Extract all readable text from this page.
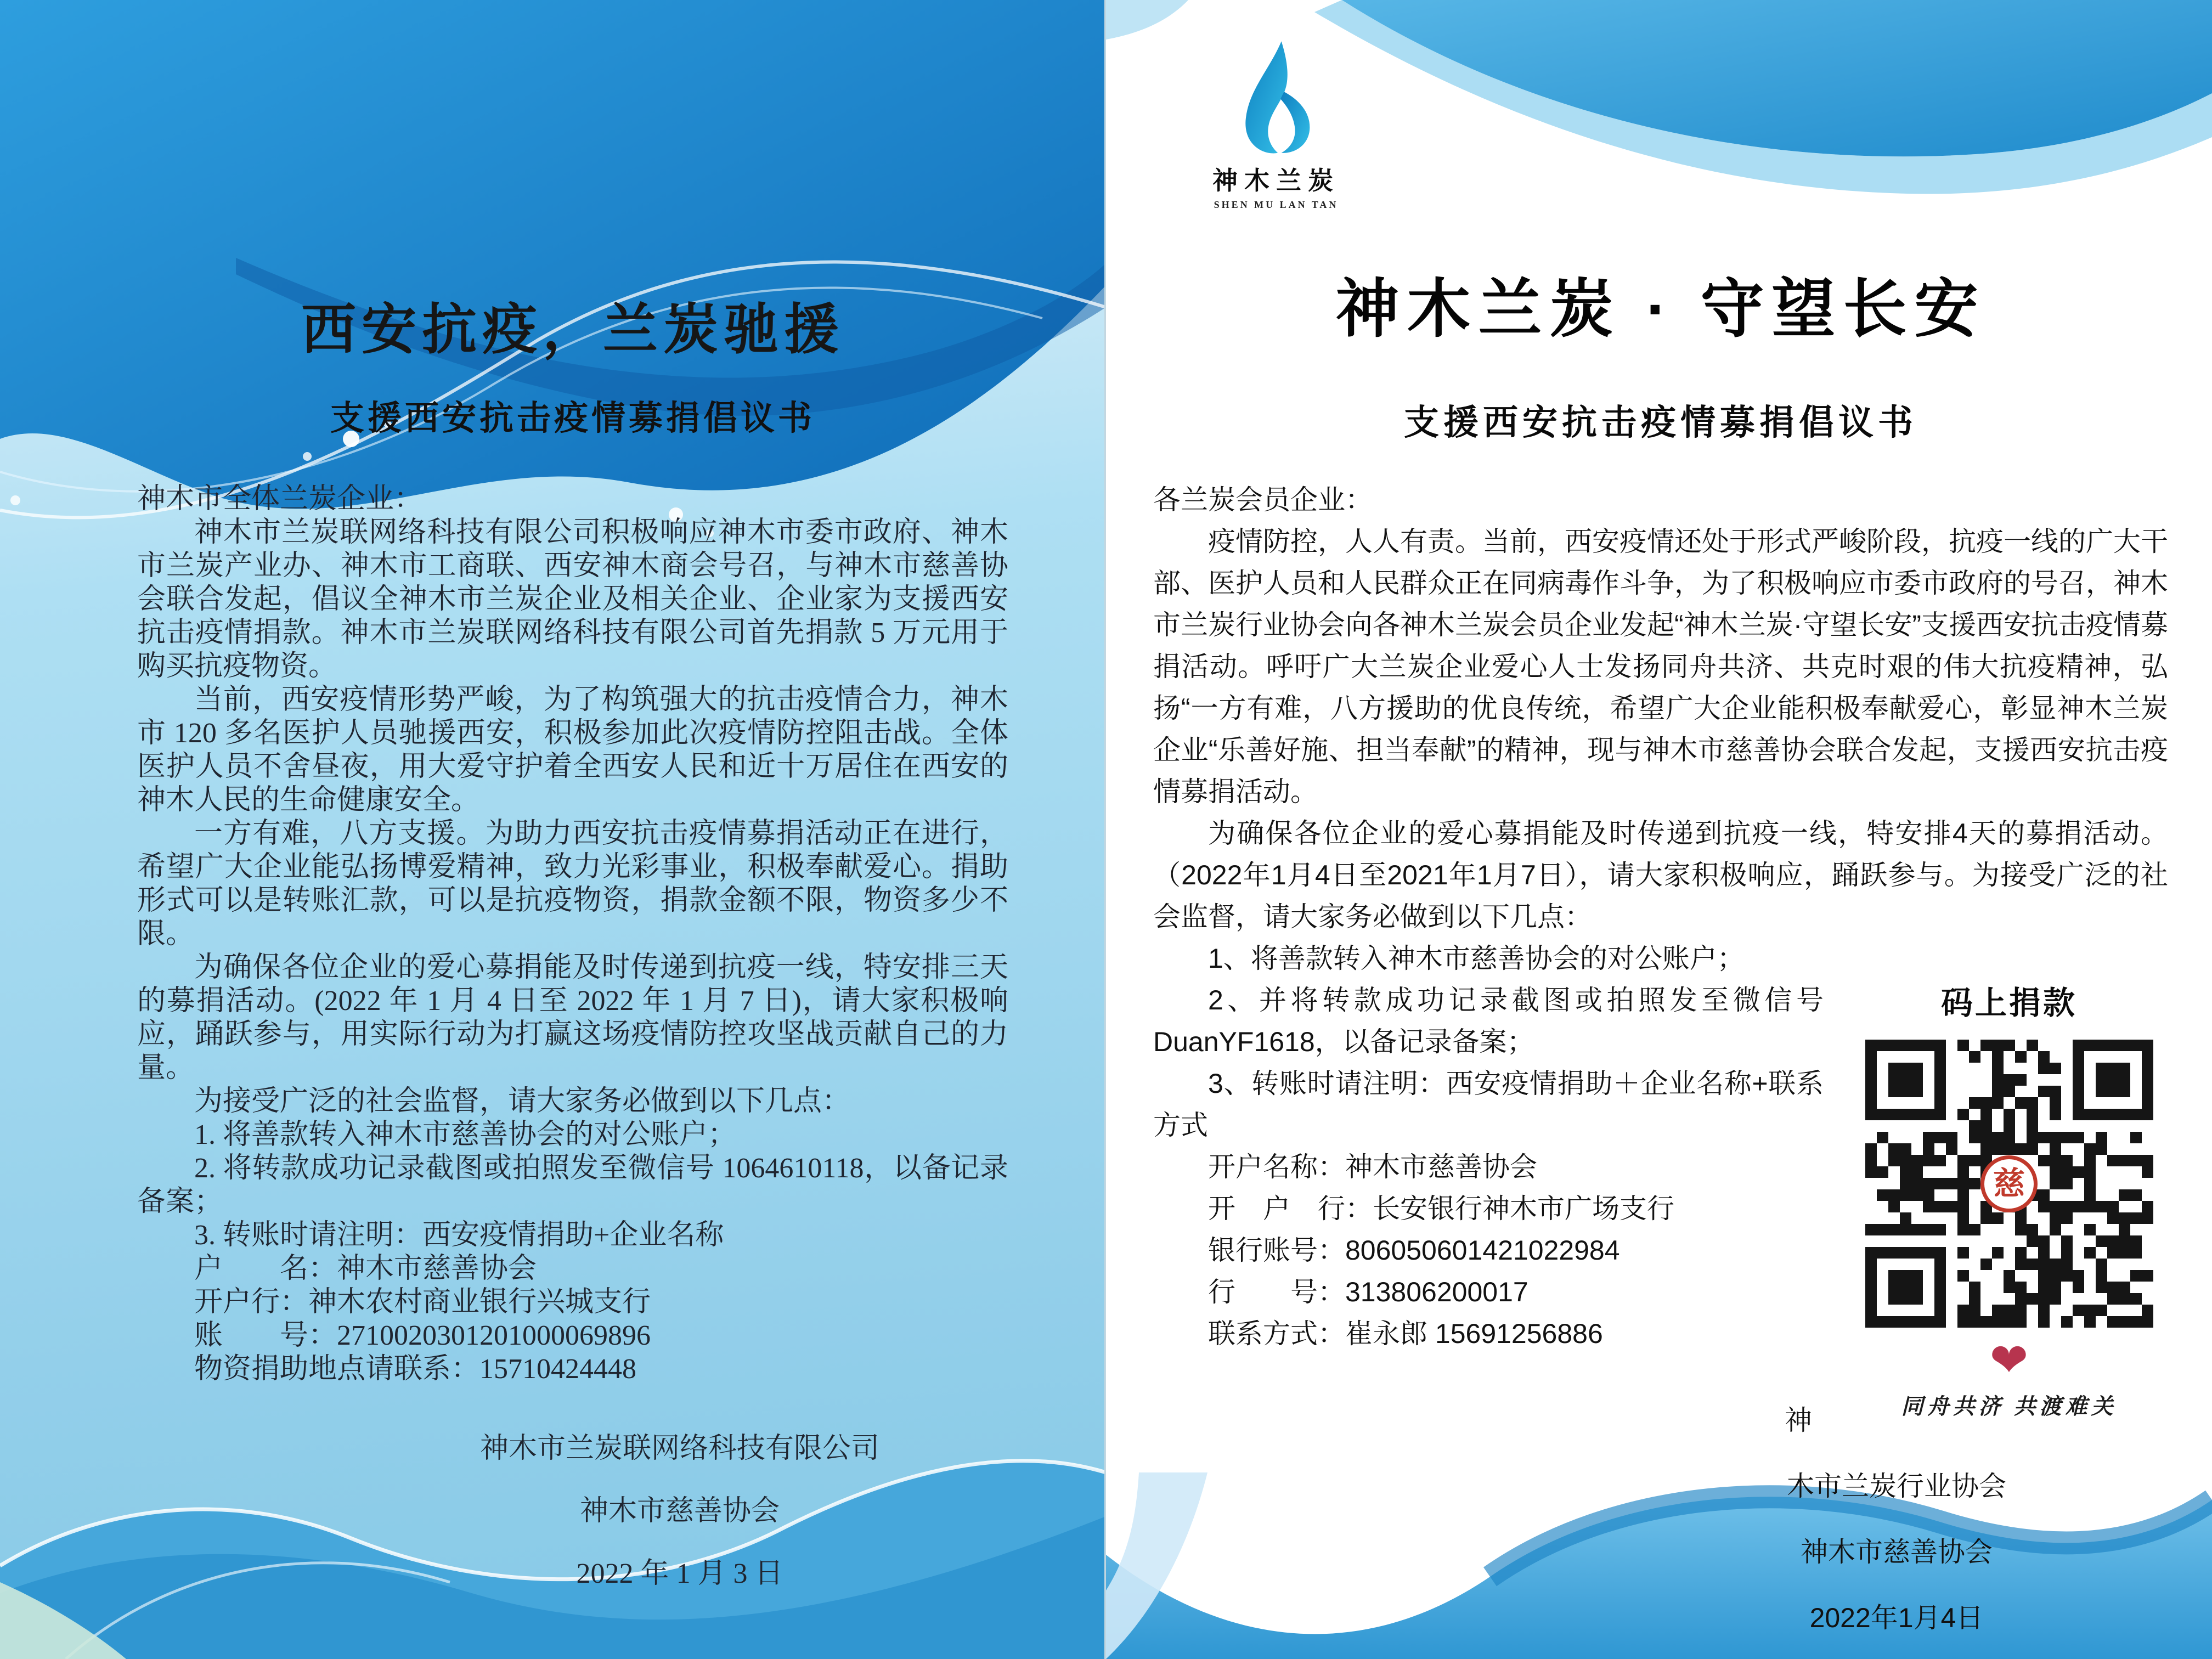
西安抗疫，兰炭驰援
支援西安抗击疫情募捐倡议书

神木市全体兰炭企业：

神木市兰炭联网络科技有限公司积极响应神木市委市政府、神木市兰炭产业办、神木市工商联、西安神木商会号召，与神木市慈善协会联合发起，倡议全神木市兰炭企业及相关企业、企业家为支援西安抗击疫情捐款。神木市兰炭联网络科技有限公司首先捐款 5 万元用于购买抗疫物资。

当前，西安疫情形势严峻，为了构筑强大的抗击疫情合力，神木市 120 多名医护人员驰援西安，积极参加此次疫情防控阻击战。全体医护人员不舍昼夜，用大爱守护着全西安人民和近十万居住在西安的神木人民的生命健康安全。

一方有难，八方支援。为助力西安抗击疫情募捐活动正在进行，希望广大企业能弘扬博爱精神，致力光彩事业，积极奉献爱心。捐助形式可以是转账汇款，可以是抗疫物资，捐款金额不限，物资多少不限。

为确保各位企业的爱心募捐能及时传递到抗疫一线，特安排三天的募捐活动。(2022 年 1 月 4 日至 2022 年 1 月 7 日)，请大家积极响应，踊跃参与，用实际行动为打赢这场疫情防控攻坚战贡献自己的力量。

为接受广泛的社会监督，请大家务必做到以下几点：

1. 将善款转入神木市慈善协会的对公账户；

2. 将转款成功记录截图或拍照发至微信号 1064610118，以备记录备案；

3. 转账时请注明：西安疫情捐助+企业名称

户　　名：神木市慈善协会

开户行：神木农村商业银行兴城支行

账　　号：2710020301201000069896

物资捐助地点请联系：15710424448

神木市兰炭联网络科技有限公司
神木市慈善协会
2022 年 1 月 3 日
神木兰炭
SHEN MU LAN TAN
神木兰炭 · 守望长安
支援西安抗击疫情募捐倡议书

各兰炭会员企业：

疫情防控，人人有责。当前，西安疫情还处于形式严峻阶段，抗疫一线的广大干部、医护人员和人民群众正在同病毒作斗争，为了积极响应市委市政府的号召，神木市兰炭行业协会向各神木兰炭会员企业发起“神木兰炭·守望长安”支援西安抗击疫情募捐活动。呼吁广大兰炭企业爱心人士发扬同舟共济、共克时艰的伟大抗疫精神，弘扬“一方有难，八方援助的优良传统，希望广大企业能积极奉献爱心，彰显神木兰炭企业“乐善好施、担当奉献”的精神，现与神木市慈善协会联合发起，支援西安抗击疫情募捐活动。

为确保各位企业的爱心募捐能及时传递到抗疫一线，特安排4天的募捐活动。（2022年1月4日至2021年1月7日），请大家积极响应，踊跃参与。为接受广泛的社会监督，请大家务必做到以下几点：

1、将善款转入神木市慈善协会的对公账户；

码上捐款
慈
❤
同舟共济 共渡难关

2、并将转款成功记录截图或拍照发至微信号DuanYF1618，以备记录备案；

3、转账时请注明：西安疫情捐助＋企业名称+联系方式

开户名称：神木市慈善协会

开　户　行：长安银行神木市广场支行

银行账号：806050601421022984

行　　号：313806200017

联系方式：崔永郎 15691256886

神木市兰炭行业协会
神木市慈善协会
2022年1月4日
